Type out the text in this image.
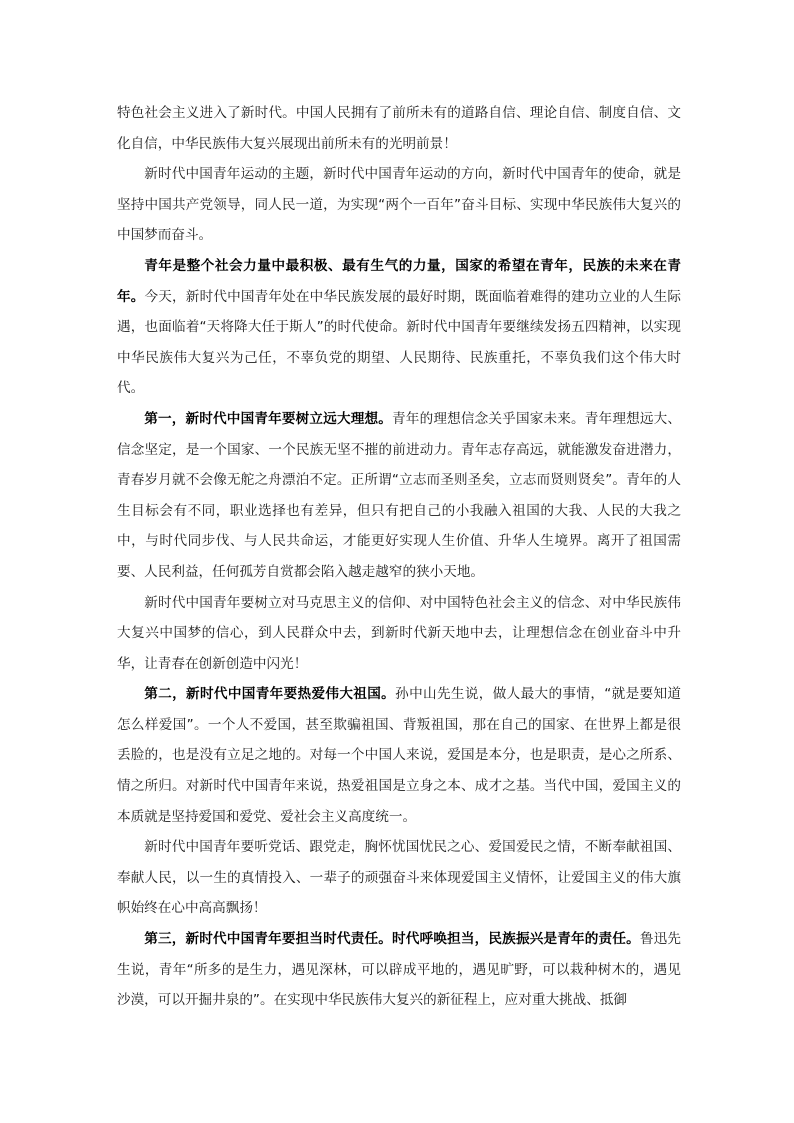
特色社会主义进入了新时代。中国人民拥有了前所未有的道路自信、理论自信、制度自信、文化自信，中华民族伟大复兴展现出前所未有的光明前景！

新时代中国青年运动的主题，新时代中国青年运动的方向，新时代中国青年的使命，就是坚持中国共产党领导，同人民一道，为实现“两个一百年”奋斗目标、实现中华民族伟大复兴的中国梦而奋斗。

青年是整个社会力量中最积极、最有生气的力量，国家的希望在青年，民族的未来在青年。今天，新时代中国青年处在中华民族发展的最好时期，既面临着难得的建功立业的人生际遇，也面临着“天将降大任于斯人”的时代使命。新时代中国青年要继续发扬五四精神，以实现中华民族伟大复兴为己任，不辜负党的期望、人民期待、民族重托，不辜负我们这个伟大时代。

第一，新时代中国青年要树立远大理想。青年的理想信念关乎国家未来。青年理想远大、信念坚定，是一个国家、一个民族无坚不摧的前进动力。青年志存高远，就能激发奋进潜力，青春岁月就不会像无舵之舟漂泊不定。正所谓“立志而圣则圣矣，立志而贤则贤矣”。青年的人生目标会有不同，职业选择也有差异，但只有把自己的小我融入祖国的大我、人民的大我之中，与时代同步伐、与人民共命运，才能更好实现人生价值、升华人生境界。离开了祖国需要、人民利益，任何孤芳自赏都会陷入越走越窄的狭小天地。

新时代中国青年要树立对马克思主义的信仰、对中国特色社会主义的信念、对中华民族伟大复兴中国梦的信心，到人民群众中去，到新时代新天地中去，让理想信念在创业奋斗中升华，让青春在创新创造中闪光！

第二，新时代中国青年要热爱伟大祖国。孙中山先生说，做人最大的事情，“就是要知道怎么样爱国”。一个人不爱国，甚至欺骗祖国、背叛祖国，那在自己的国家、在世界上都是很丢脸的，也是没有立足之地的。对每一个中国人来说，爱国是本分，也是职责，是心之所系、情之所归。对新时代中国青年来说，热爱祖国是立身之本、成才之基。当代中国，爱国主义的本质就是坚持爱国和爱党、爱社会主义高度统一。

新时代中国青年要听党话、跟党走，胸怀忧国忧民之心、爱国爱民之情，不断奉献祖国、奉献人民，以一生的真情投入、一辈子的顽强奋斗来体现爱国主义情怀，让爱国主义的伟大旗帜始终在心中高高飘扬！

第三，新时代中国青年要担当时代责任。时代呼唤担当，民族振兴是青年的责任。鲁迅先生说，青年“所多的是生力，遇见深林，可以辟成平地的，遇见旷野，可以栽种树木的，遇见沙漠，可以开掘井泉的”。在实现中华民族伟大复兴的新征程上，应对重大挑战、抵御
